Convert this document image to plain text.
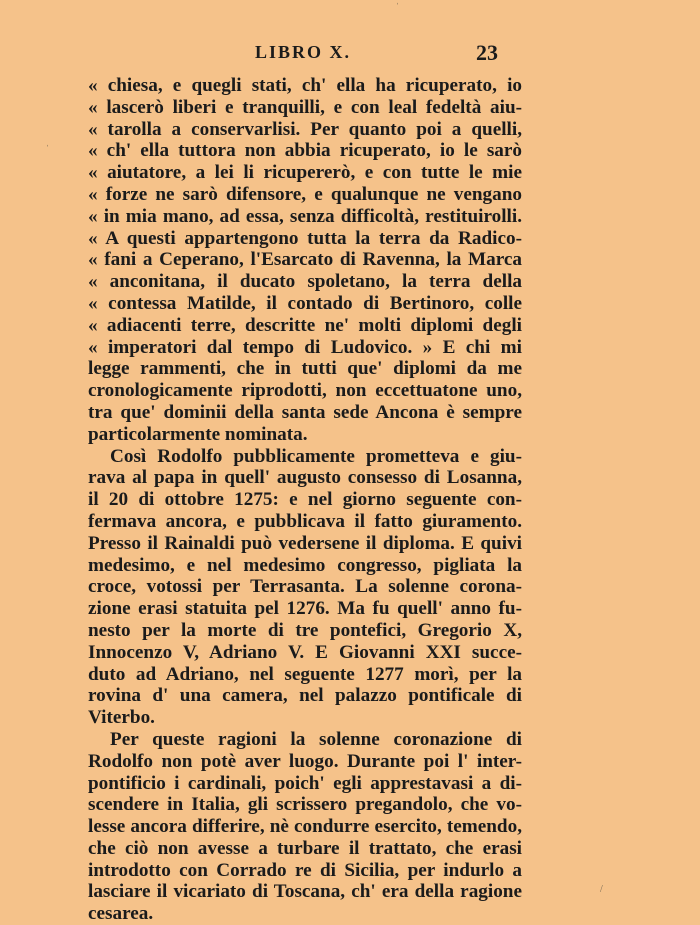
LIBRO X.	23
« chiesa, e quegli stati, ch' ella ha ricuperato, io
« lascerò liberi e tranquilli, e con leal fedeltà aiu-
« tarolla a conservarlisi. Per quanto poi a quelli,
« ch' ella tuttora non abbia ricuperato, io le sarò
« aiutatore, a lei li ricupererò, e con tutte le mie
« forze ne sarò difensore, e qualunque ne vengano
« in mia mano, ad essa, senza difficoltà, restituirolli.
« A questi appartengono tutta la terra da Radico-
« fani a Ceperano, l'Esarcato di Ravenna, la Marca
« anconitana, il ducato spoletano, la terra della
« contessa Matilde, il contado di Bertinoro, colle
« adiacenti terre, descritte ne' molti diplomi degli
« imperatori dal tempo di Ludovico. » E chi mi
legge rammenti, che in tutti que' diplomi da me
cronologicamente riprodotti, non eccettuatone uno,
tra que' dominii della santa sede Ancona è sempre
particolarmente nominata.
Così Rodolfo pubblicamente prometteva e giu-
rava al papa in quell' augusto consesso di Losanna,
il 20 di ottobre 1275: e nel giorno seguente con-
fermava ancora, e pubblicava il fatto giuramento.
Presso il Rainaldi può vedersene il diploma. E quivi
medesimo, e nel medesimo congresso, pigliata la
croce, votossi per Terrasanta. La solenne corona-
zione erasi statuita pel 1276. Ma fu quell' anno fu-
nesto per la morte di tre pontefici, Gregorio X,
Innocenzo V, Adriano V. E Giovanni XXI succe-
duto ad Adriano, nel seguente 1277 morì, per la
rovina d' una camera, nel palazzo pontificale di
Viterbo.
Per queste ragioni la solenne coronazione di
Rodolfo non potè aver luogo. Durante poi l' inter-
pontificio i cardinali, poich' egli apprestavasi a di-
scendere in Italia, gli scrissero pregandolo, che vo-
lesse ancora differire, nè condurre esercito, temendo,
che ciò non avesse a turbare il trattato, che erasi
introdotto con Corrado re di Sicilia, per indurlo a
lasciare il vicariato di Toscana, ch' era della ragione
cesarea.
ˈ
ˈ
/
